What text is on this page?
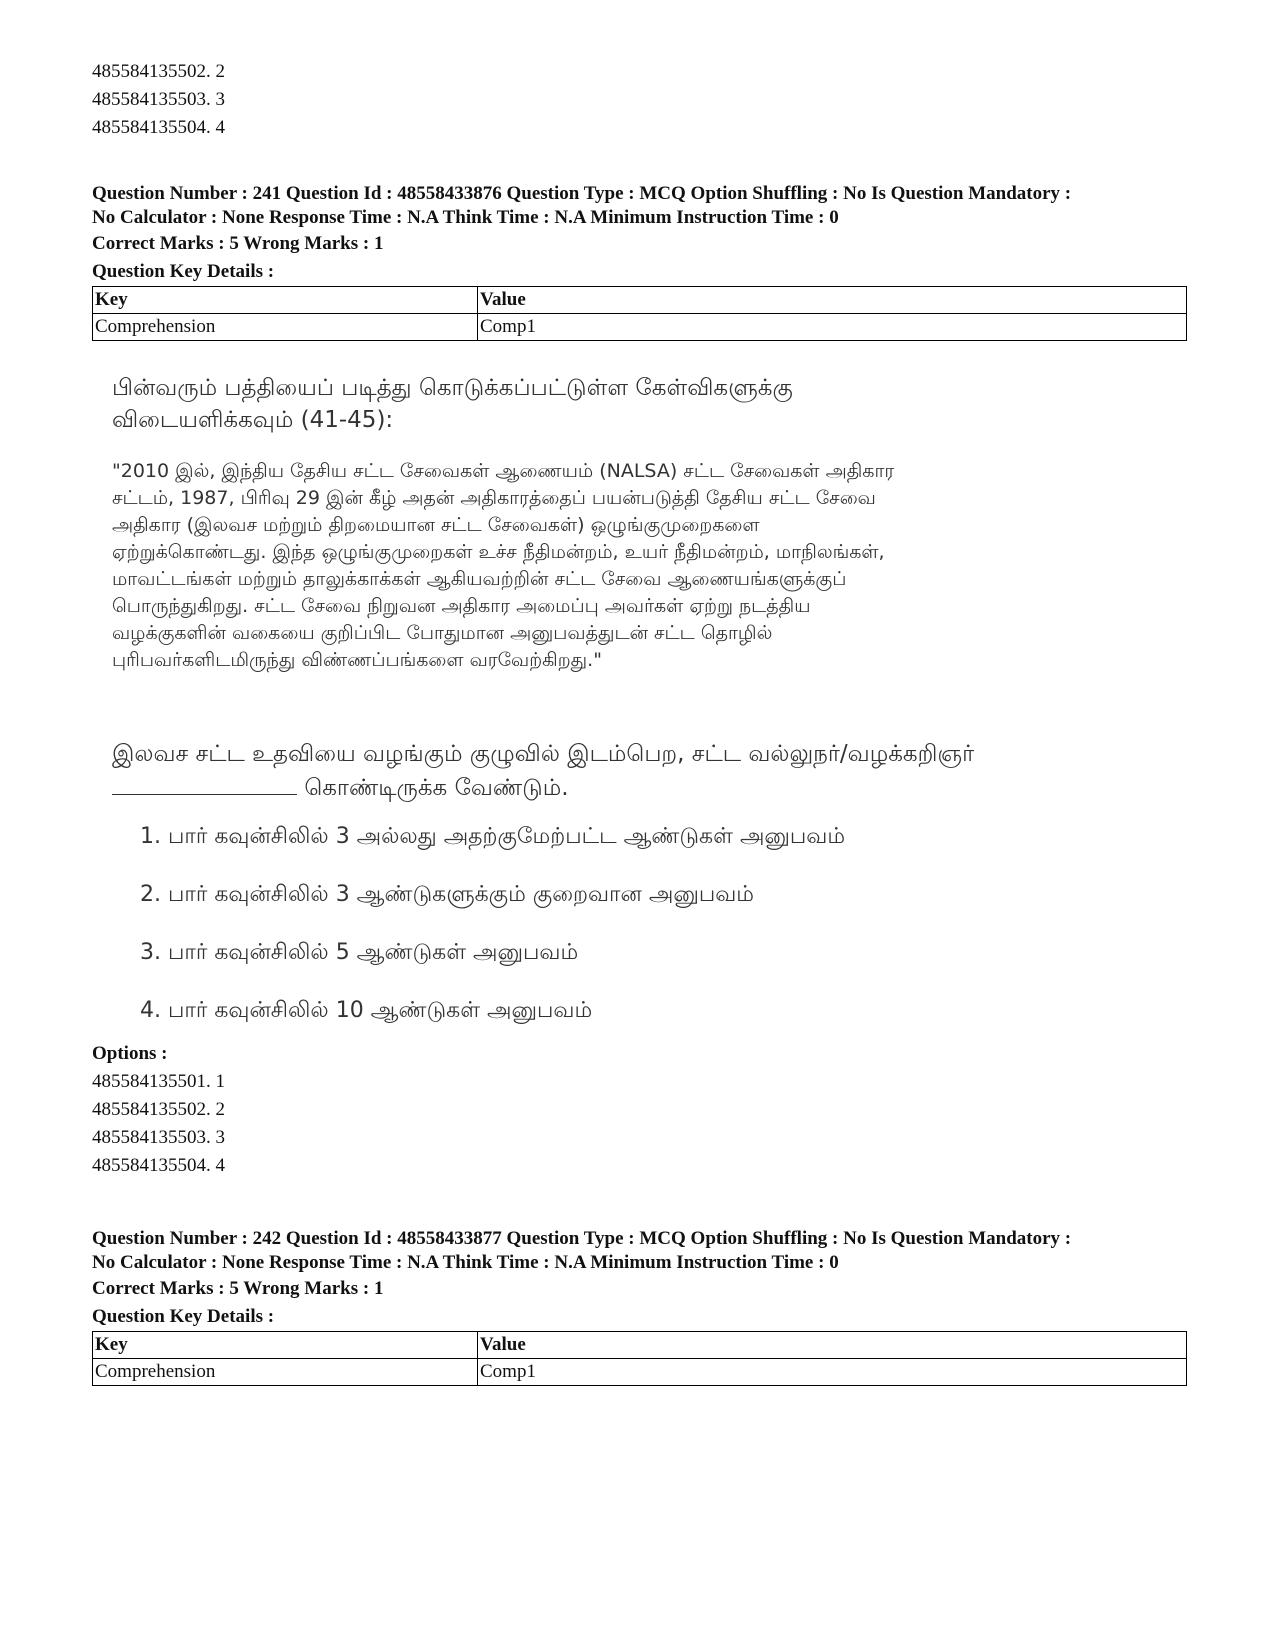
485584135502. 2
485584135503. 3
485584135504. 4
Question Number : 241 Question Id : 48558433876 Question Type : MCQ Option Shuffling : No Is Question Mandatory :
No Calculator : None Response Time : N.A Think Time : N.A Minimum Instruction Time : 0
Correct Marks : 5 Wrong Marks : 1
Question Key Details :
Key	Value
Comprehension	Comp1
பின்வரும் பத்தியைப் படித்து கொடுக்கப்பட்டுள்ள கேள்விகளுக்கு
விடையளிக்கவும் (41-45):
"2010 இல், இந்திய தேசிய சட்ட சேவைகள் ஆணையம் (NALSA) சட்ட சேவைகள் அதிகார
சட்டம், 1987, பிரிவு 29 இன் கீழ் அதன் அதிகாரத்தைப் பயன்படுத்தி தேசிய சட்ட சேவை
அதிகார (இலவச மற்றும் திறமையான சட்ட சேவைகள்) ஒழுங்குமுறைகளை
ஏற்றுக்கொண்டது. இந்த ஒழுங்குமுறைகள் உச்ச நீதிமன்றம், உயர் நீதிமன்றம், மாநிலங்கள்,
மாவட்டங்கள் மற்றும் தாலுக்காக்கள் ஆகியவற்றின் சட்ட சேவை ஆணையங்களுக்குப்
பொருந்துகிறது. சட்ட சேவை நிறுவன அதிகார அமைப்பு அவர்கள் ஏற்று நடத்திய
வழக்குகளின் வகையை குறிப்பிட போதுமான அனுபவத்துடன் சட்ட தொழில்
புரிபவர்களிடமிருந்து விண்ணப்பங்களை வரவேற்கிறது."
இலவச சட்ட உதவியை வழங்கும் குழுவில் இடம்பெற, சட்ட வல்லுநர்/வழக்கறிஞர்
கொண்டிருக்க வேண்டும்.
1. பார் கவுன்சிலில் 3 அல்லது அதற்குமேற்பட்ட ஆண்டுகள் அனுபவம்
2. பார் கவுன்சிலில் 3 ஆண்டுகளுக்கும் குறைவான அனுபவம்
3. பார் கவுன்சிலில் 5 ஆண்டுகள் அனுபவம்
4. பார் கவுன்சிலில் 10 ஆண்டுகள் அனுபவம்
Options :
485584135501. 1
485584135502. 2
485584135503. 3
485584135504. 4
Question Number : 242 Question Id : 48558433877 Question Type : MCQ Option Shuffling : No Is Question Mandatory :
No Calculator : None Response Time : N.A Think Time : N.A Minimum Instruction Time : 0
Correct Marks : 5 Wrong Marks : 1
Question Key Details :
Key	Value
Comprehension	Comp1
